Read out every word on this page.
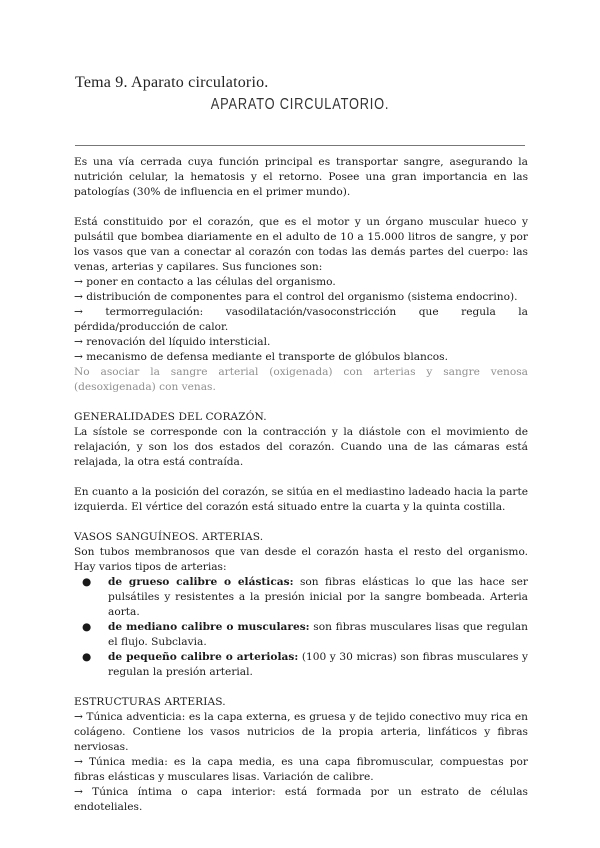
Tema 9. Aparato circulatorio.
APARATO CIRCULATORIO.

Es una vía cerrada cuya función principal es transportar sangre, asegurando la nutrición celular, la hematosis y el retorno. Posee una gran importancia en las patologías (30% de influencia en el primer mundo).

Está constituido por el corazón, que es el motor y un órgano muscular hueco y pulsátil que bombea diariamente en el adulto de 10 a 15.000 litros de sangre, y por los vasos que van a conectar al corazón con todas las demás partes del cuerpo: las venas, arterias y capilares. Sus funciones son:

→ poner en contacto a las células del organismo.

→ distribución de componentes para el control del organismo (sistema endocrino).

→ termorregulación: vasodilatación/vasoconstricción que regula la pérdida/producción de calor.

→ renovación del líquido intersticial.

→ mecanismo de defensa mediante el transporte de glóbulos blancos.

No asociar la sangre arterial (oxigenada) con arterias y sangre venosa (desoxigenada) con venas.

GENERALIDADES DEL CORAZÓN.

La sístole se corresponde con la contracción y la diástole con el movimiento de relajación, y son los dos estados del corazón. Cuando una de las cámaras está relajada, la otra está contraída.

En cuanto a la posición del corazón, se sitúa en el mediastino ladeado hacia la parte izquierda. El vértice del corazón está situado entre la cuarta y la quinta costilla.

VASOS SANGUÍNEOS. ARTERIAS.

Son tubos membranosos que van desde el corazón hasta el resto del organismo. Hay varios tipos de arterias:

● de grueso calibre o elásticas: son fibras elásticas lo que las hace ser pulsátiles y resistentes a la presión inicial por la sangre bombeada. Arteria aorta.
● de mediano calibre o musculares: son fibras musculares lisas que regulan el flujo. Subclavia.
● de pequeño calibre o arteriolas: (100 y 30 micras) son fibras musculares y regulan la presión arterial.

ESTRUCTURAS ARTERIAS.

→ Túnica adventicia: es la capa externa, es gruesa y de tejido conectivo muy rica en colágeno. Contiene los vasos nutricios de la propia arteria, linfáticos y fibras nerviosas.

→ Túnica media: es la capa media, es una capa fibromuscular, compuestas por fibras elásticas y musculares lisas. Variación de calibre.

→ Túnica íntima o capa interior: está formada por un estrato de células endoteliales.
